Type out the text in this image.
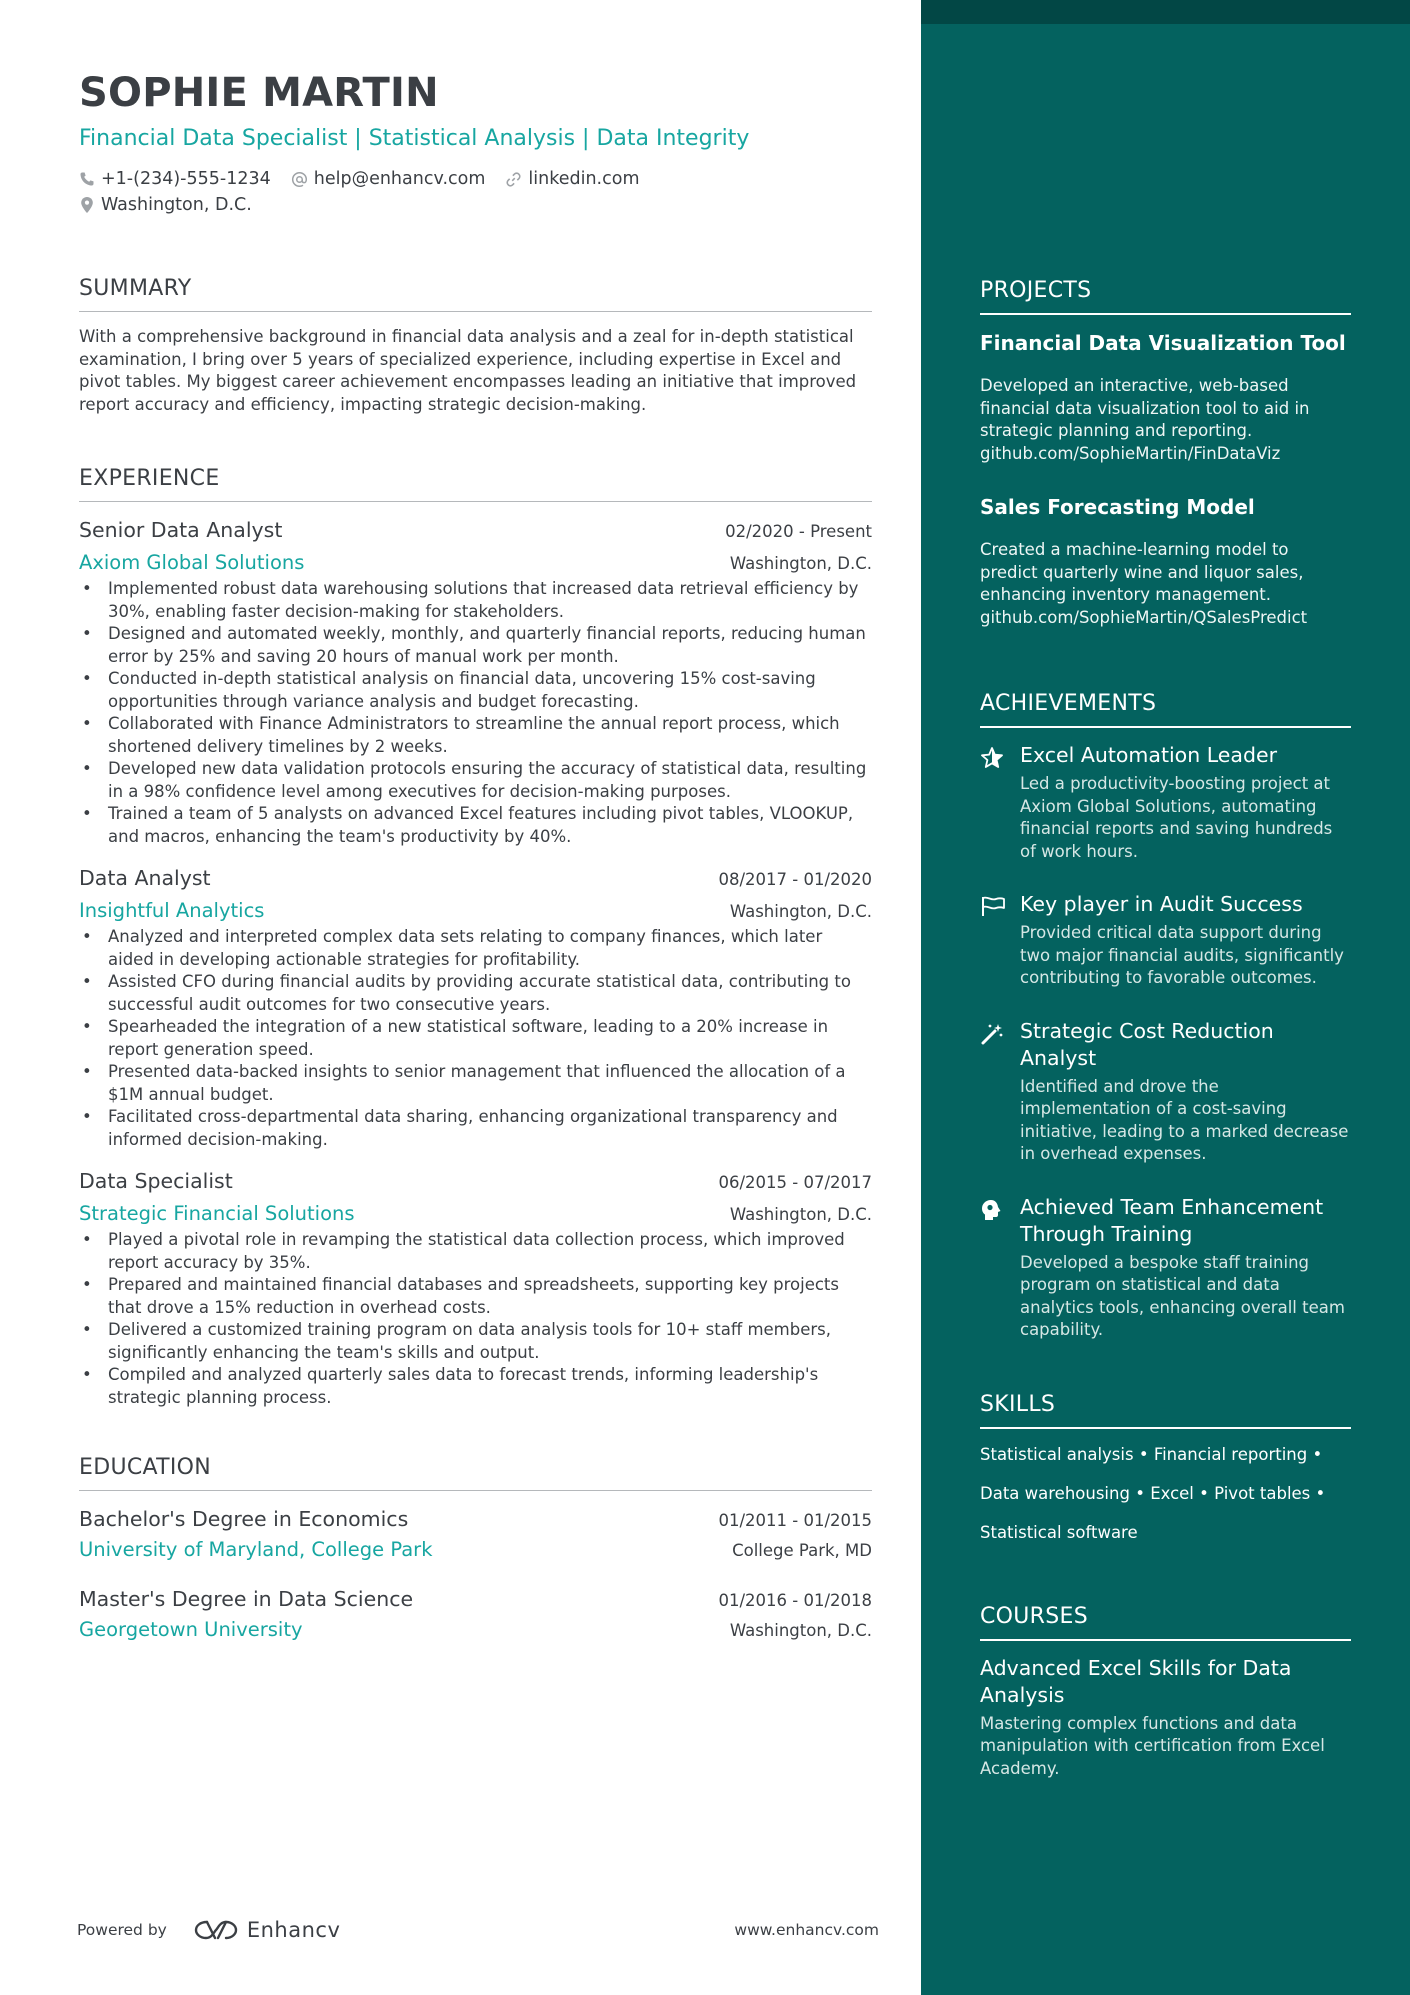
PROJECTS
Financial Data Visualization Tool
Developed an interactive, web-based financial data visualization tool to aid in strategic planning and reporting.
github.com/SophieMartin/FinDataViz
Sales Forecasting Model
Created a machine-learning model to predict quarterly wine and liquor sales, enhancing inventory management.
github.com/SophieMartin/QSalesPredict
ACHIEVEMENTS
Excel Automation Leader
Led a productivity-boosting project at Axiom Global Solutions, automating financial reports and saving hundreds of work hours.
Key player in Audit Success
Provided critical data support during two major financial audits, significantly contributing to favorable outcomes.
Strategic Cost Reduction Analyst
Identified and drove the implementation of a cost-saving initiative, leading to a marked decrease in overhead expenses.
Achieved Team Enhancement Through Training
Developed a bespoke staff training program on statistical and data analytics tools, enhancing overall team capability.
SKILLS
Statistical analysis • Financial reporting •
Data warehousing • Excel • Pivot tables •
Statistical software
COURSES
Advanced Excel Skills for Data Analysis
Mastering complex functions and data manipulation with certification from Excel Academy.
SOPHIE MARTIN
Financial Data Specialist | Statistical Analysis | Data Integrity
+1-(234)-555-1234 help@enhancv.com linkedin.com
Washington, D.C.
SUMMARY
With a comprehensive background in financial data analysis and a zeal for in-depth statistical examination, I bring over 5 years of specialized experience, including expertise in Excel and pivot tables. My biggest career achievement encompasses leading an initiative that improved report accuracy and efficiency, impacting strategic decision-making.
EXPERIENCE
Senior Data Analyst	02/2020 - Present
Axiom Global Solutions	Washington, D.C.
• Implemented robust data warehousing solutions that increased data retrieval efficiency by 30%, enabling faster decision-making for stakeholders.
• Designed and automated weekly, monthly, and quarterly financial reports, reducing human error by 25% and saving 20 hours of manual work per month.
• Conducted in-depth statistical analysis on financial data, uncovering 15% cost-saving opportunities through variance analysis and budget forecasting.
• Collaborated with Finance Administrators to streamline the annual report process, which shortened delivery timelines by 2 weeks.
• Developed new data validation protocols ensuring the accuracy of statistical data, resulting in a 98% confidence level among executives for decision-making purposes.
• Trained a team of 5 analysts on advanced Excel features including pivot tables, VLOOKUP, and macros, enhancing the team's productivity by 40%.
Data Analyst	08/2017 - 01/2020
Insightful Analytics	Washington, D.C.
• Analyzed and interpreted complex data sets relating to company finances, which later aided in developing actionable strategies for profitability.
• Assisted CFO during financial audits by providing accurate statistical data, contributing to successful audit outcomes for two consecutive years.
• Spearheaded the integration of a new statistical software, leading to a 20% increase in report generation speed.
• Presented data-backed insights to senior management that influenced the allocation of a $1M annual budget.
• Facilitated cross-departmental data sharing, enhancing organizational transparency and informed decision-making.
Data Specialist	06/2015 - 07/2017
Strategic Financial Solutions	Washington, D.C.
• Played a pivotal role in revamping the statistical data collection process, which improved report accuracy by 35%.
• Prepared and maintained financial databases and spreadsheets, supporting key projects that drove a 15% reduction in overhead costs.
• Delivered a customized training program on data analysis tools for 10+ staff members, significantly enhancing the team's skills and output.
• Compiled and analyzed quarterly sales data to forecast trends, informing leadership's strategic planning process.
EDUCATION
Bachelor's Degree in Economics	01/2011 - 01/2015
University of Maryland, College Park	College Park, MD
Master's Degree in Data Science	01/2016 - 01/2018
Georgetown University	Washington, D.C.
Powered by	Enhancv	www.enhancv.com
